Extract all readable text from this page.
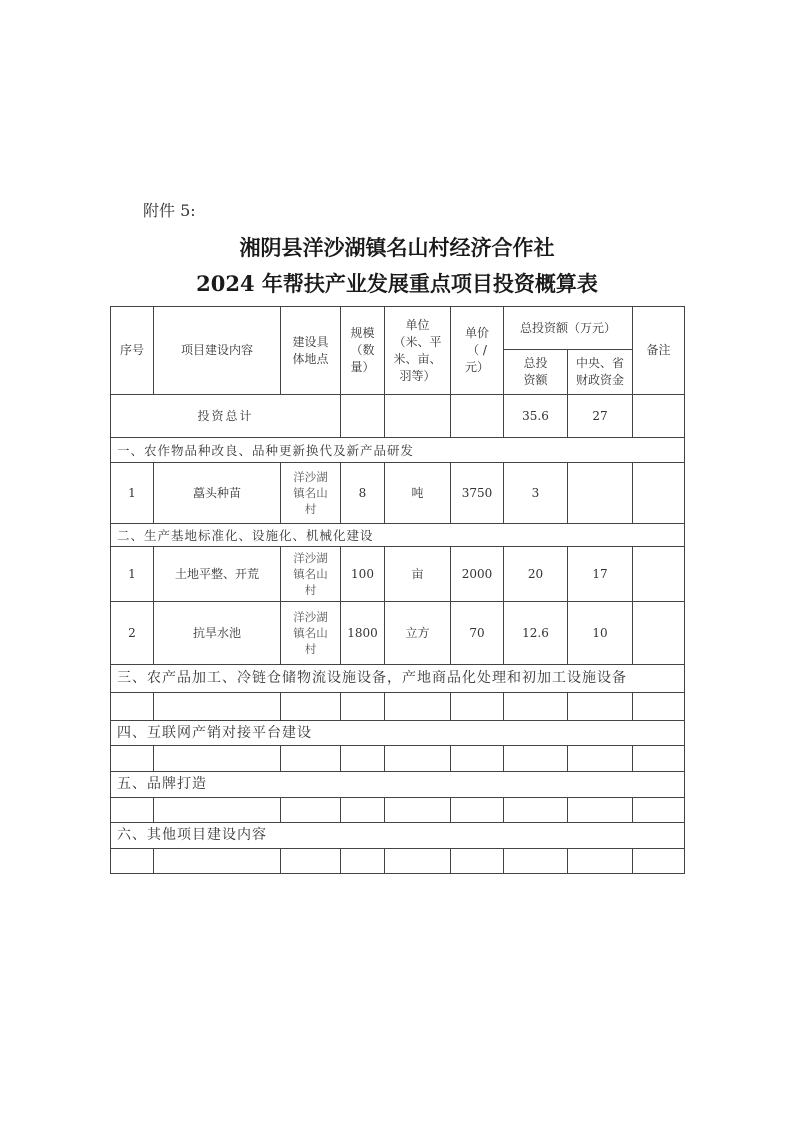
附件 5:
湘阴县洋沙湖镇名山村经济合作社
2024 年帮扶产业发展重点项目投资概算表
序号	项目建设内容	建设具体地点	规模（数量）	单位（米、平米、亩、羽等）	单价（ / 元）	总投资额（万元）		备注
						总投资额	中央、省财政资金	
投资总计						35.6	27	
一、农作物品种改良、品种更新换代及新产品研发								
1	藠头种苗	洋沙湖镇名山村	8	吨	3750	3		
二、生产基地标准化、设施化、机械化建设								
1	土地平整、开荒	洋沙湖镇名山村	100	亩	2000	20	17	
2	抗旱水池	洋沙湖镇名山村	1800	立方	70	12.6	10	
三、农产品加工、冷链仓储物流设施设备，产地商品化处理和初加工设施设备								

四、互联网产销对接平台建设								

五、品牌打造								

六、其他项目建设内容								
